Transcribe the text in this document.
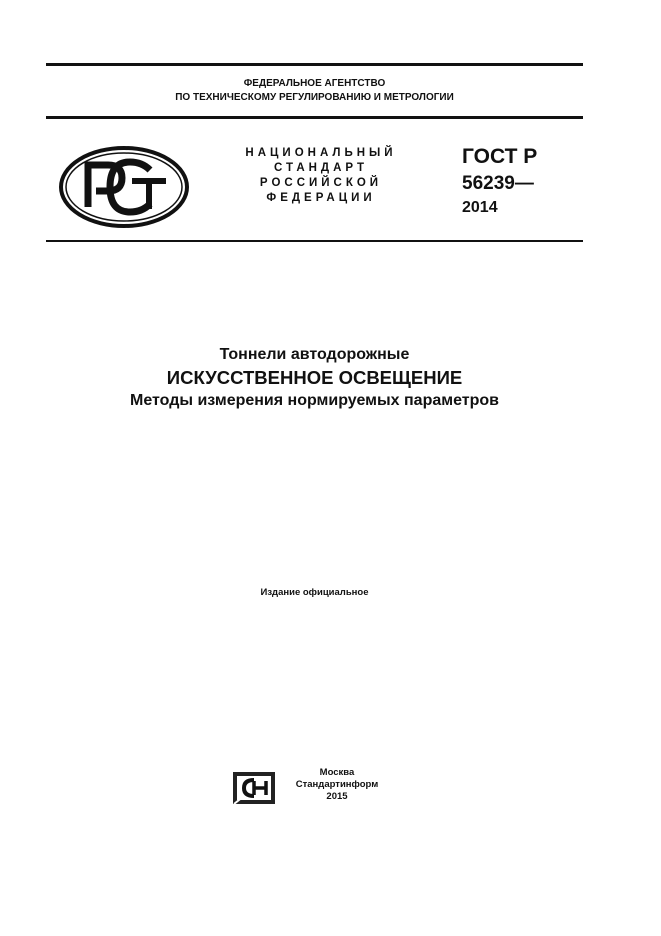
ФЕДЕРАЛЬНОЕ АГЕНТСТВО
ПО ТЕХНИЧЕСКОМУ РЕГУЛИРОВАНИЮ И МЕТРОЛОГИИ
НАЦИОНАЛЬНЫЙ
СТАНДАРТ
РОССИЙСКОЙ
ФЕДЕРАЦИИ
ГОСТ Р
56239—
2014
Тоннели автодорожные
ИСКУССТВЕННОЕ ОСВЕЩЕНИЕ
Методы измерения нормируемых параметров
Издание официальное
Москва
Стандартинформ
2015
